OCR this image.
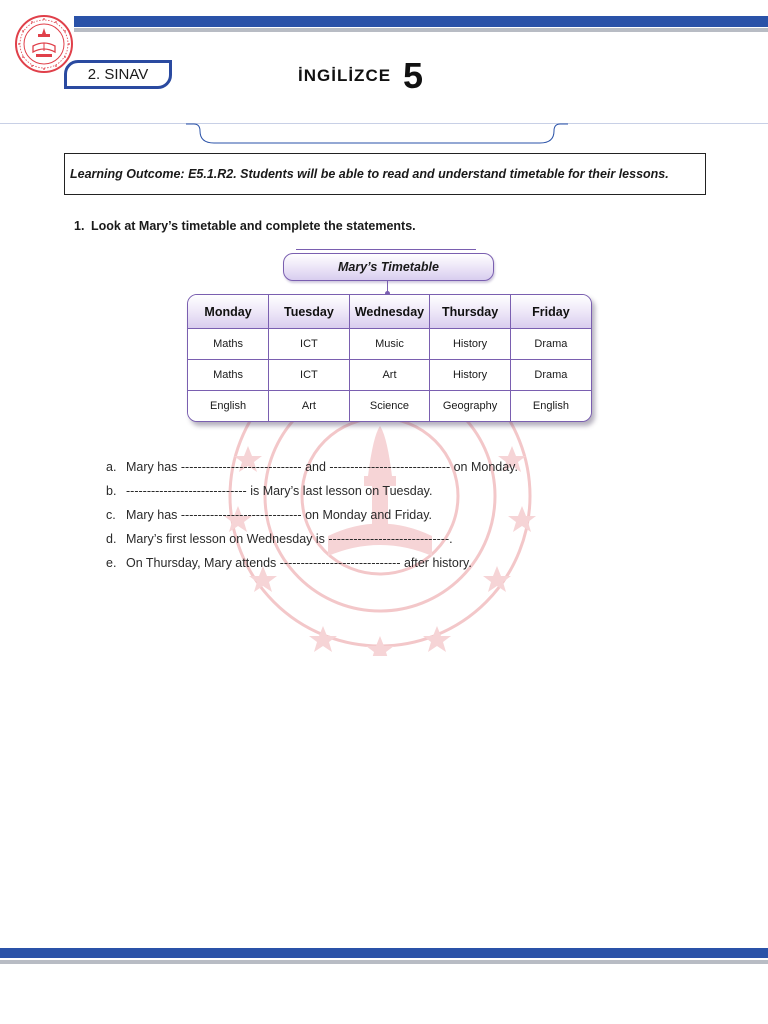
2. SINAV	İNGİLİZCE 5
Learning Outcome: E5.1.R2. Students will be able to read and understand timetable for their lessons.
1. Look at Mary’s timetable and complete the statements.
Mary’s Timetable
Monday	Tuesday	Wednesday	Thursday	Friday
Maths	ICT	Music	History	Drama
Maths	ICT	Art	History	Drama
English	Art	Science	Geography	English
a. Mary has ----------------------------- and ----------------------------- on Monday.
b. ----------------------------- is Mary’s last lesson on Tuesday.
c. Mary has ----------------------------- on Monday and Friday.
d. Mary’s first lesson on Wednesday is -----------------------------.
e. On Thursday, Mary attends ----------------------------- after history.
